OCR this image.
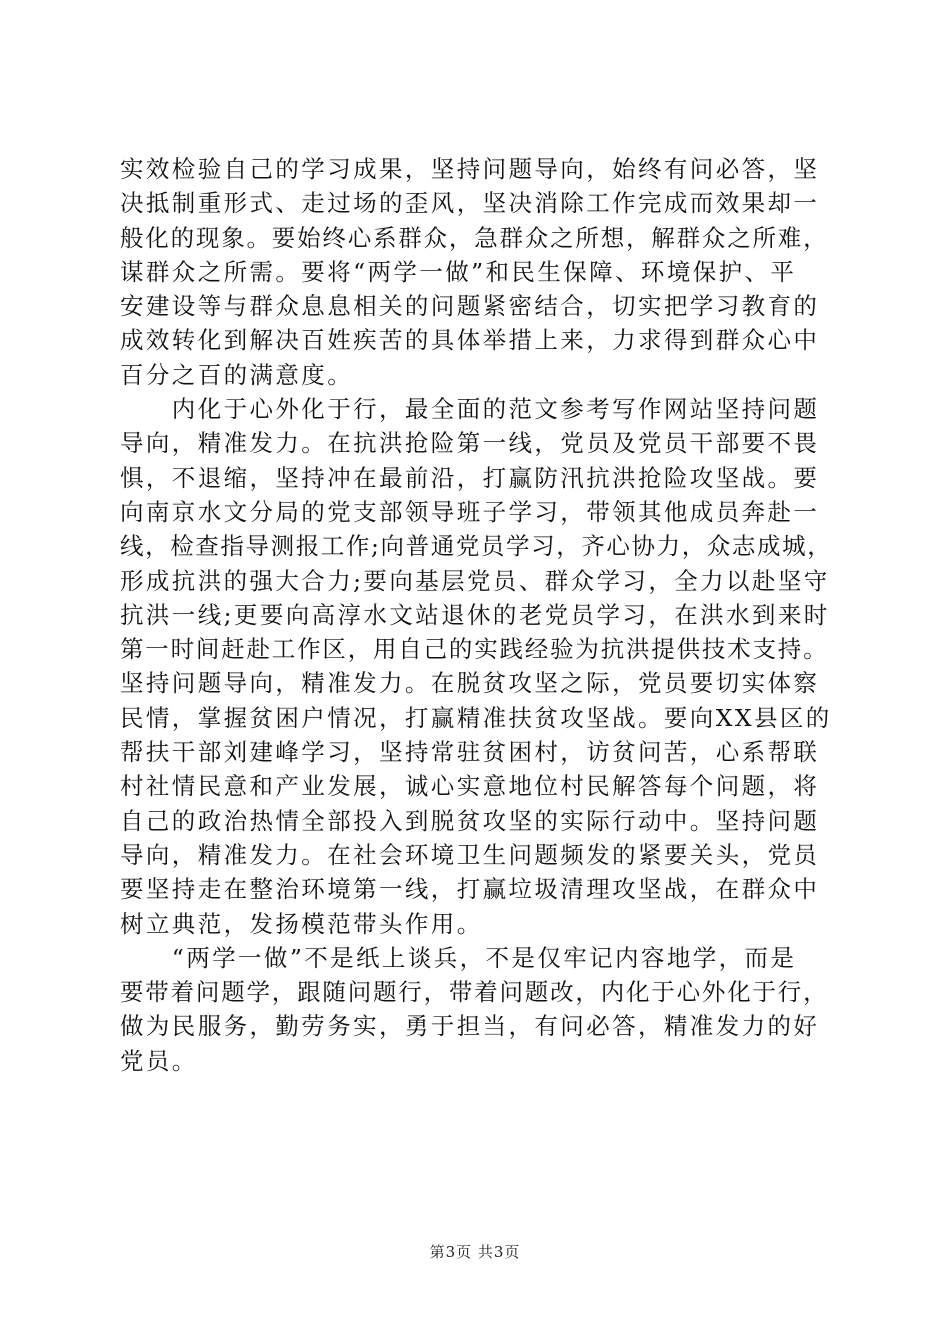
实效检验自己的学习成果，坚持问题导向，始终有问必答，坚
决抵制重形式、走过场的歪风，坚决消除工作完成而效果却一
般化的现象。要始终心系群众，急群众之所想，解群众之所难，
谋群众之所需。要将“两学一做”和民生保障、环境保护、平
安建设等与群众息息相关的问题紧密结合，切实把学习教育的
成效转化到解决百姓疾苦的具体举措上来，力求得到群众心中
百分之百的满意度。
　　内化于心外化于行，最全面的范文参考写作网站坚持问题
导向，精准发力。在抗洪抢险第一线，党员及党员干部要不畏
惧，不退缩，坚持冲在最前沿，打赢防汛抗洪抢险攻坚战。要
向南京水文分局的党支部领导班子学习，带领其他成员奔赴一
线，检查指导测报工作;向普通党员学习，齐心协力，众志成城，
形成抗洪的强大合力;要向基层党员、群众学习，全力以赴坚守
抗洪一线;更要向高淳水文站退休的老党员学习，在洪水到来时
第一时间赶赴工作区，用自己的实践经验为抗洪提供技术支持。
坚持问题导向，精准发力。在脱贫攻坚之际，党员要切实体察
民情，掌握贫困户情况，打赢精准扶贫攻坚战。要向XX县区的
帮扶干部刘建峰学习，坚持常驻贫困村，访贫问苦，心系帮联
村社情民意和产业发展，诚心实意地位村民解答每个问题，将
自己的政治热情全部投入到脱贫攻坚的实际行动中。坚持问题
导向，精准发力。在社会环境卫生问题频发的紧要关头，党员
要坚持走在整治环境第一线，打赢垃圾清理攻坚战，在群众中
树立典范，发扬模范带头作用。
　　“两学一做”不是纸上谈兵，不是仅牢记内容地学，而是
要带着问题学，跟随问题行，带着问题改，内化于心外化于行，
做为民服务，勤劳务实，勇于担当，有问必答，精准发力的好
党员。
第3页 共3页
